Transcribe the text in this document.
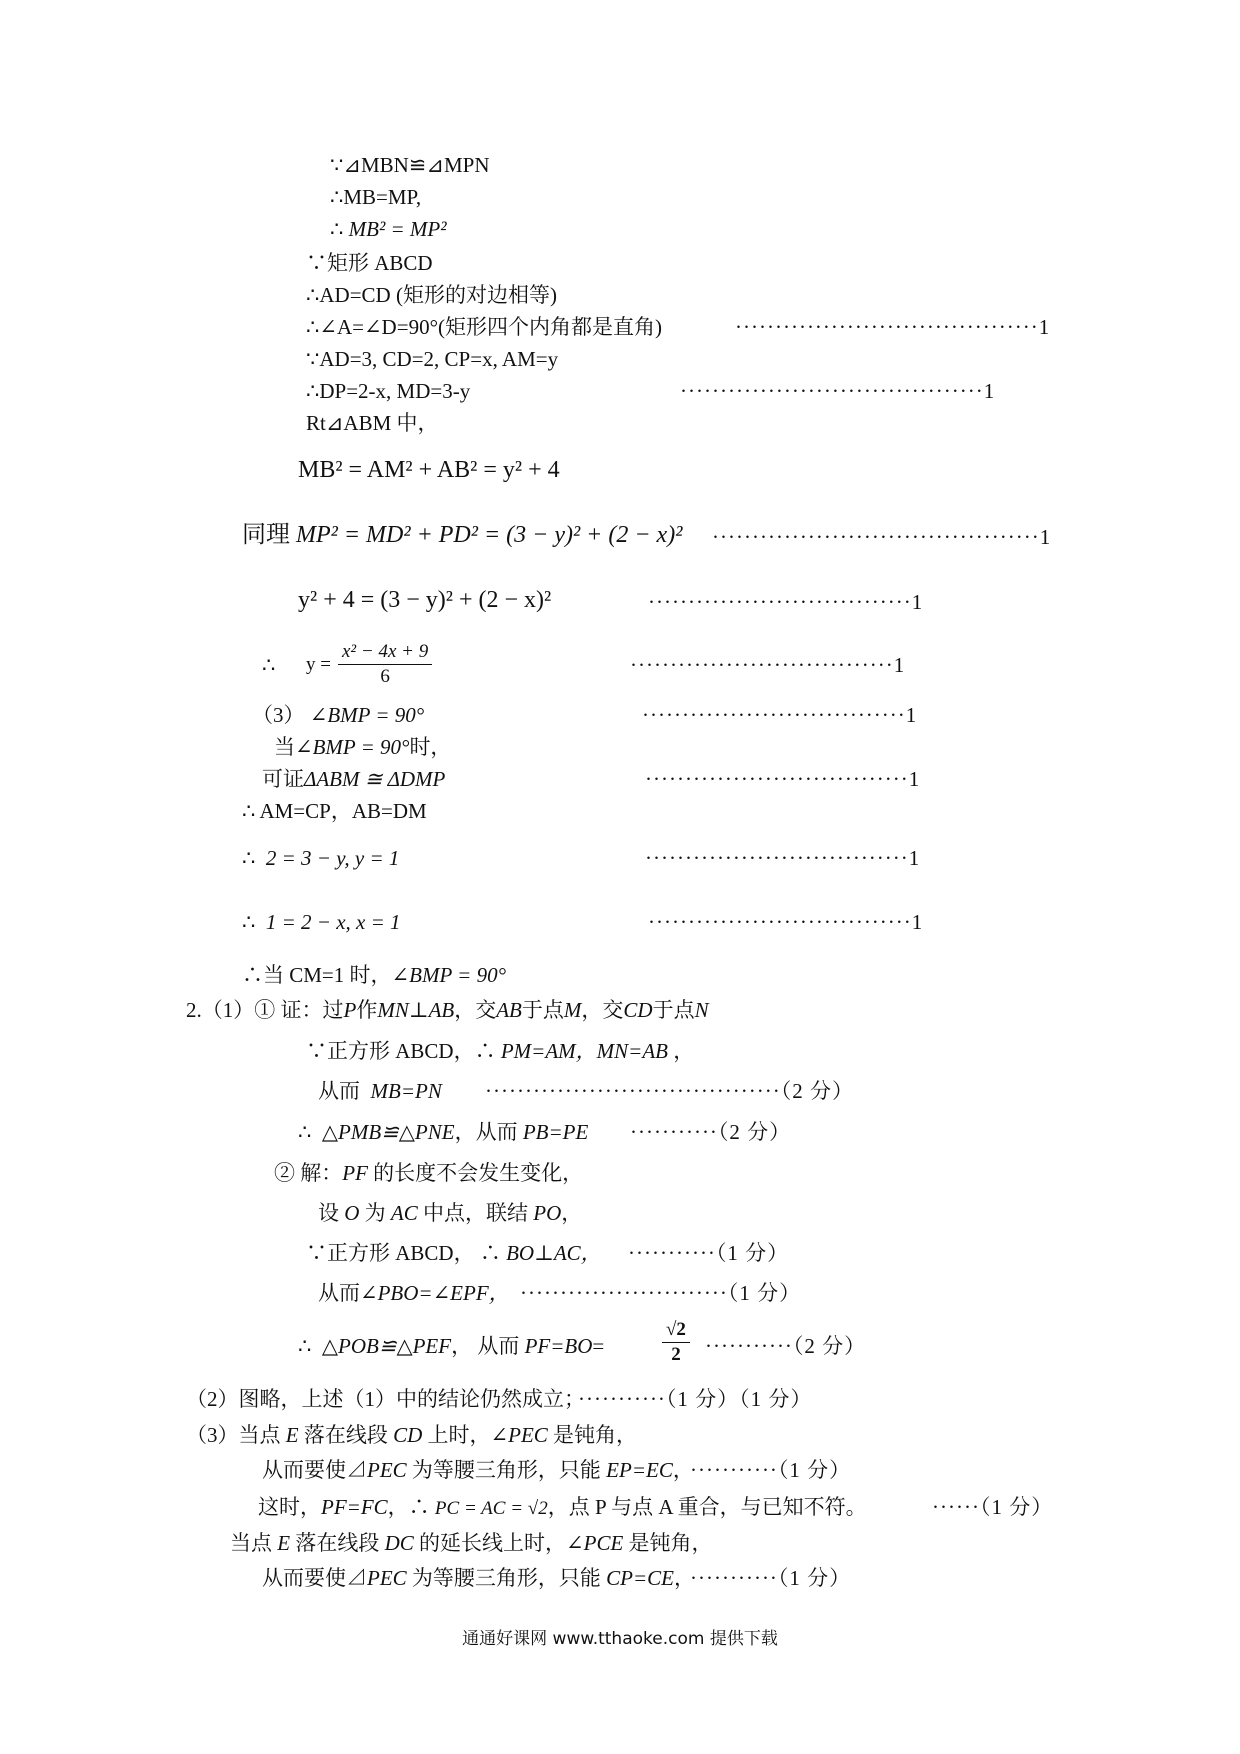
∵⊿MBN≌⊿MPN
∴MB=MP,
∴ MB² = MP²
∵矩形 ABCD
∴AD=CD (矩形的对边相等)
∴∠A=∠D=90°(矩形四个内角都是直角)	······································1
∵AD=3, CD=2, CP=x, AM=y
∴DP=2-x, MD=3-y	······································1
Rt⊿ABM 中，
MB² = AM² + AB² = y² + 4
同理 MP² = MD² + PD² = (3 − y)² + (2 − x)² ·········································1
y² + 4 = (3 − y)² + (2 − x)²	·································1
∴ y =
x² − 4x + 9
6	·································1
（3） ∠BMP = 90°	·································1
当∠BMP = 90°时，
可证ΔABM ≅ ΔDMP	·································1
∴ AM=CP，AB=DM
∴ 2 = 3 − y, y = 1	·································1
∴ 1 = 2 − x, x = 1	·································1
∴当 CM=1 时，∠BMP = 90°
2.（1）① 证：过P作MN⊥AB，交AB于点M，交CD于点N
∵正方形 ABCD，∴ PM=AM，MN=AB ，
从而 MB=PN ·····································（2 分）
∴ △PMB≌△PNE，从而 PB=PE ···········（2 分）
② 解：PF 的长度不会发生变化，
设 O 为 AC 中点，联结 PO，
∵正方形 ABCD， ∴ BO⊥AC， ···········（1 分）
从而∠PBO=∠EPF， ··························（1 分）
∴ △POB≌△PEF， 从而 PF=BO=
√2
2	···········（2 分）
（2）图略，上述（1）中的结论仍然成立；
···········（1 分）（1 分）
（3）当点 E 落在线段 CD 上时，∠PEC 是钝角，
从而要使⊿PEC 为等腰三角形，只能 EP=EC，
···········（1 分）
这时，PF=FC，∴ PC = AC = √2，点 P 与点 A 重合，与已知不符。	······（1 分）
当点 E 落在线段 DC 的延长线上时，∠PCE 是钝角，
从而要使⊿PEC 为等腰三角形，只能 CP=CE，
···········（1 分）
通通好课网 www.tthaoke.com 提供下载
